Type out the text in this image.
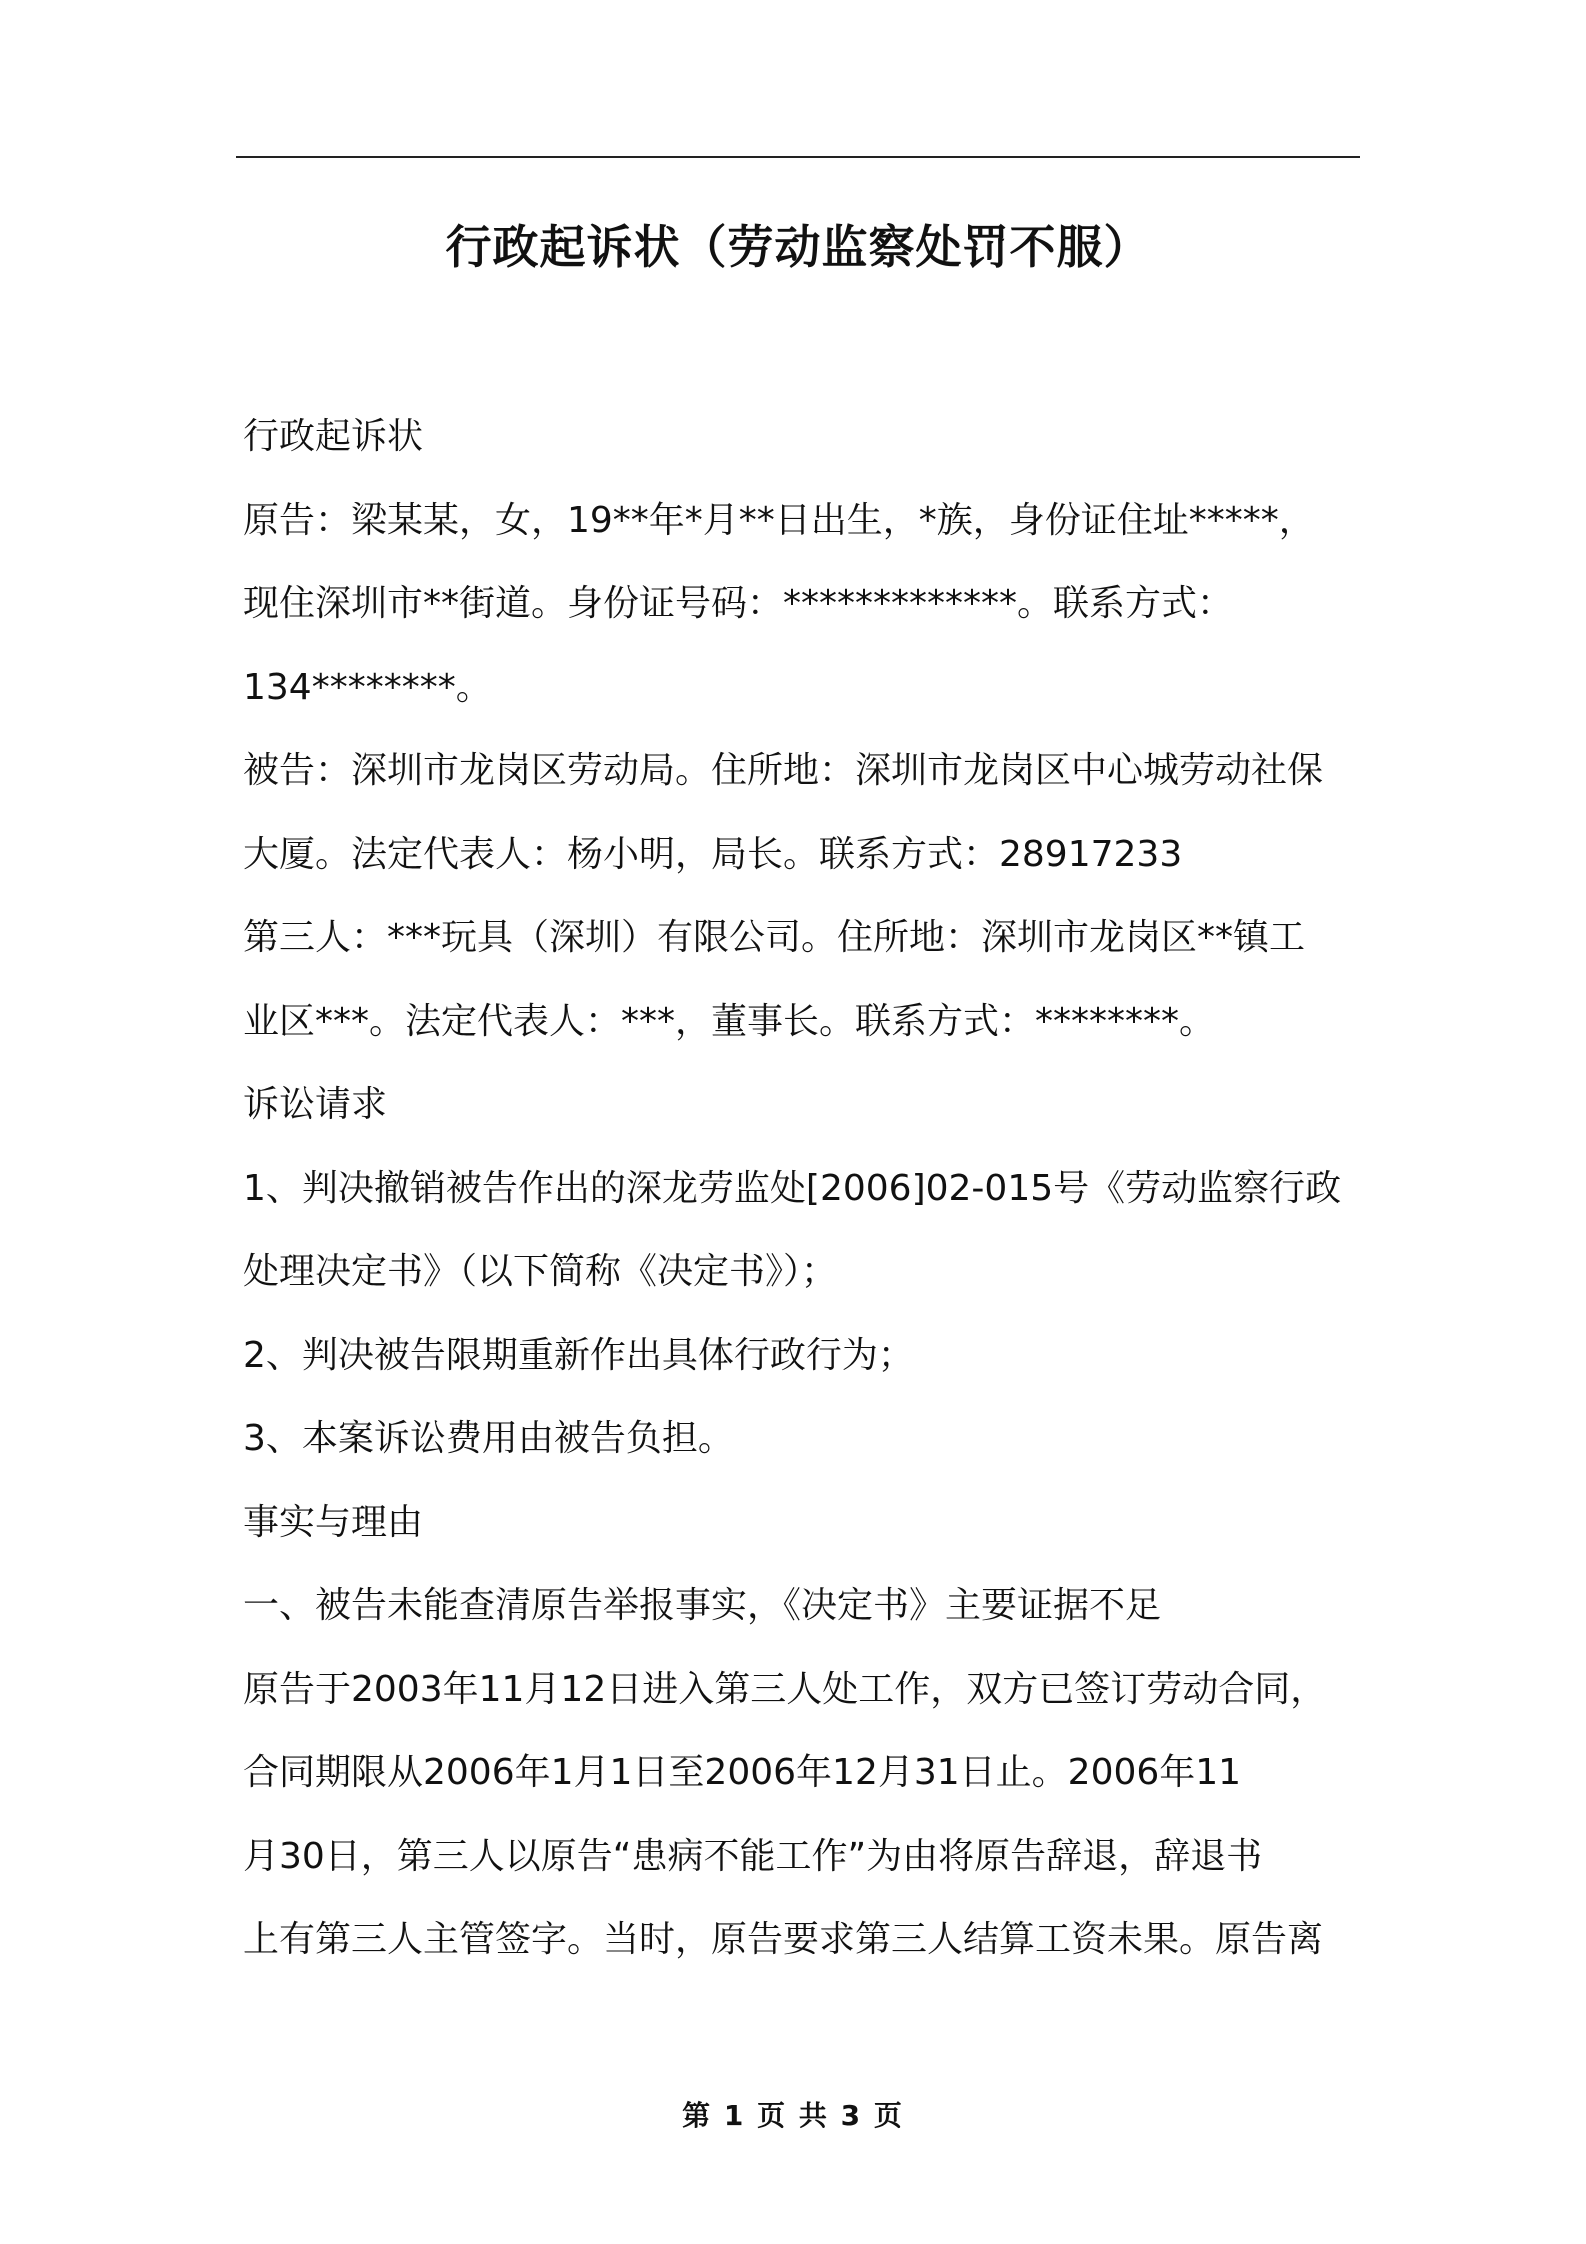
行政起诉状（劳动监察处罚不服）

行政起诉状
原告：梁某某，女，19**年*月**日出生，*族，身份证住址*****，
现住深圳市**街道。身份证号码：*************。联系方式：
134********。
被告：深圳市龙岗区劳动局。住所地：深圳市龙岗区中心城劳动社保
大厦。法定代表人：杨小明，局长。联系方式：28917233
第三人：***玩具（深圳）有限公司。住所地：深圳市龙岗区**镇工
业区***。法定代表人：***，董事长。联系方式：********。
诉讼请求
1、判决撤销被告作出的深龙劳监处[2006]02-015号《劳动监察行政
处理决定书》（以下简称《决定书》）；
2、判决被告限期重新作出具体行政行为；
3、本案诉讼费用由被告负担。
事实与理由
一、被告未能查清原告举报事实，《决定书》主要证据不足
原告于2003年11月12日进入第三人处工作，双方已签订劳动合同，
合同期限从2006年1月1日至2006年12月31日止。2006年11
月30日，第三人以原告“患病不能工作”为由将原告辞退，辞退书
上有第三人主管签字。当时，原告要求第三人结算工资未果。原告离

第 1 页 共 3 页
